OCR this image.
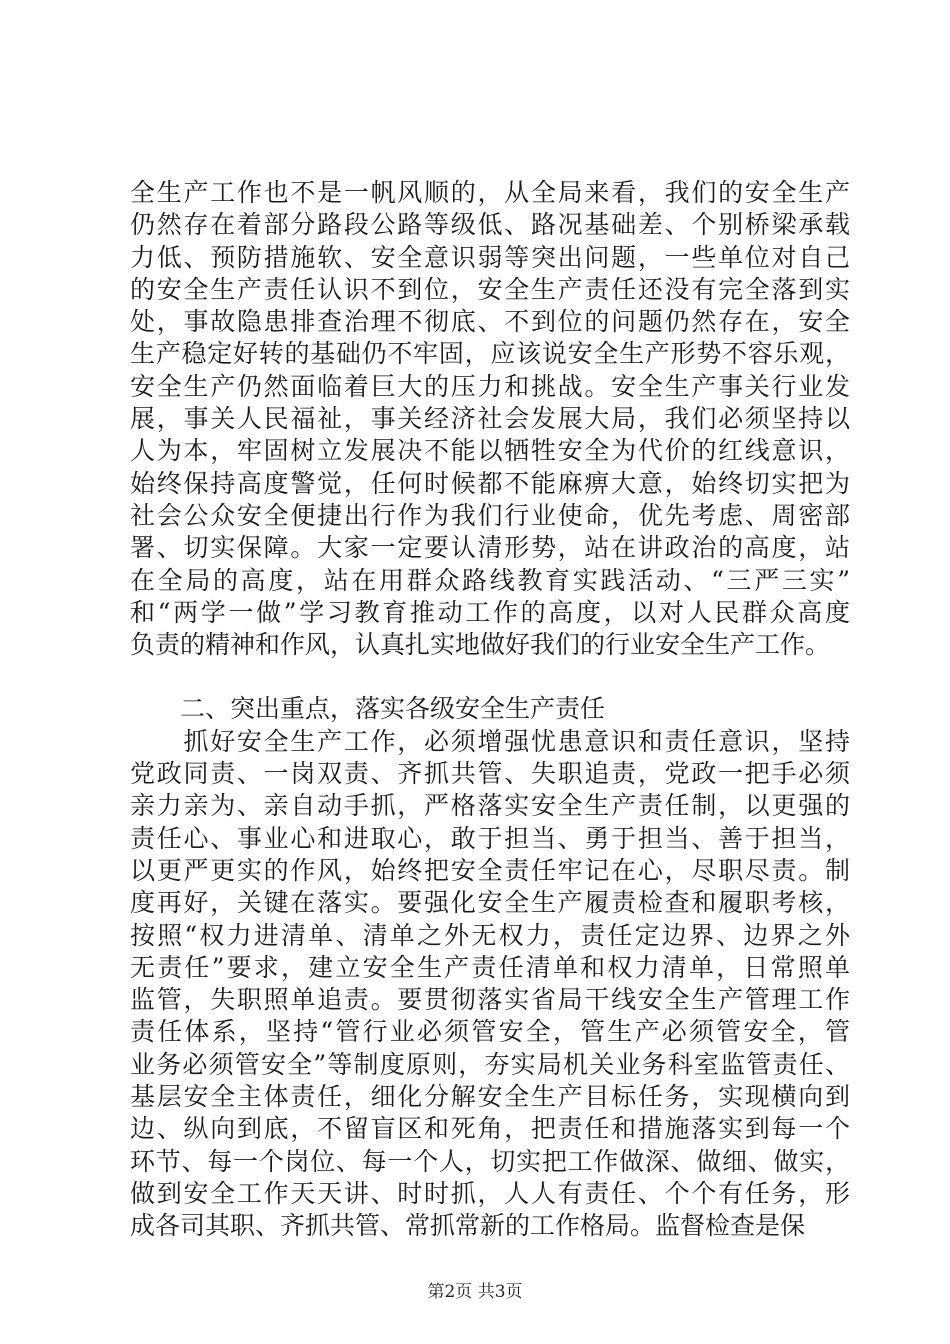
全生产工作也不是一帆风顺的，从全局来看，我们的安全生产
仍然存在着部分路段公路等级低、路况基础差、个别桥梁承载
力低、预防措施软、安全意识弱等突出问题，一些单位对自己
的安全生产责任认识不到位，安全生产责任还没有完全落到实
处，事故隐患排查治理不彻底、不到位的问题仍然存在，安全
生产稳定好转的基础仍不牢固，应该说安全生产形势不容乐观，
安全生产仍然面临着巨大的压力和挑战。安全生产事关行业发
展，事关人民福祉，事关经济社会发展大局，我们必须坚持以
人为本，牢固树立发展决不能以牺牲安全为代价的红线意识，
始终保持高度警觉，任何时候都不能麻痹大意，始终切实把为
社会公众安全便捷出行作为我们行业使命，优先考虑、周密部
署、切实保障。大家一定要认清形势，站在讲政治的高度，站
在全局的高度，站在用群众路线教育实践活动、“三严三实”
和“两学一做”学习教育推动工作的高度，以对人民群众高度
负责的精神和作风，认真扎实地做好我们的行业安全生产工作。
　　二、突出重点，落实各级安全生产责任
　　抓好安全生产工作，必须增强忧患意识和责任意识，坚持
党政同责、一岗双责、齐抓共管、失职追责，党政一把手必须
亲力亲为、亲自动手抓，严格落实安全生产责任制，以更强的
责任心、事业心和进取心，敢于担当、勇于担当、善于担当，
以更严更实的作风，始终把安全责任牢记在心，尽职尽责。制
度再好，关键在落实。要强化安全生产履责检查和履职考核，
按照“权力进清单、清单之外无权力，责任定边界、边界之外
无责任”要求，建立安全生产责任清单和权力清单，日常照单
监管，失职照单追责。要贯彻落实省局干线安全生产管理工作
责任体系，坚持“管行业必须管安全，管生产必须管安全，管
业务必须管安全”等制度原则，夯实局机关业务科室监管责任、
基层安全主体责任，细化分解安全生产目标任务，实现横向到
边、纵向到底，不留盲区和死角，把责任和措施落实到每一个
环节、每一个岗位、每一个人，切实把工作做深、做细、做实，
做到安全工作天天讲、时时抓，人人有责任、个个有任务，形
成各司其职、齐抓共管、常抓常新的工作格局。监督检查是保
第2页 共3页
